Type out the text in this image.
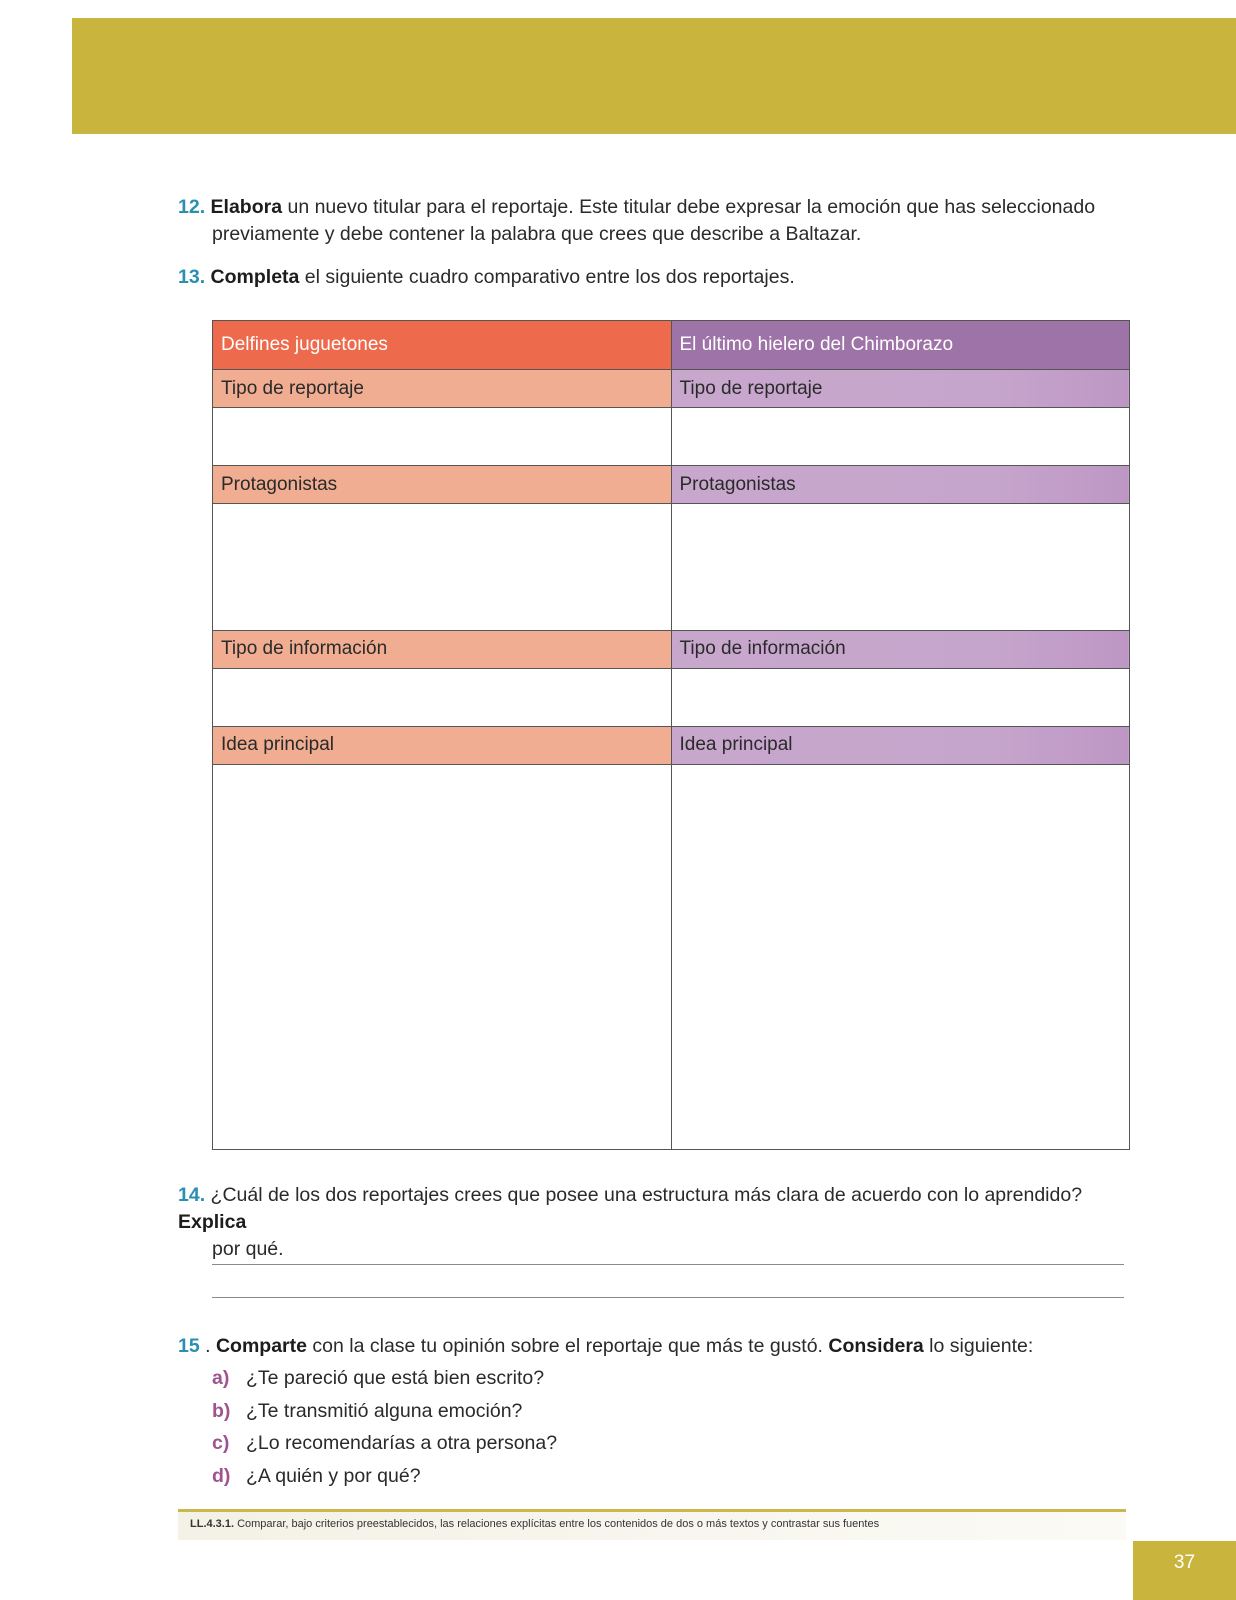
12. Elabora un nuevo titular para el reportaje. Este titular debe expresar la emoción que has seleccionado
previamente y debe contener la palabra que crees que describe a Baltazar.
13. Completa el siguiente cuadro comparativo entre los dos reportajes.
Delfines juguetones	El último hielero del Chimborazo
Tipo de reportaje	Tipo de reportaje

Protagonistas	Protagonistas

Tipo de información	Tipo de información

Idea principal	Idea principal

14. ¿Cuál de los dos reportajes crees que posee una estructura más clara de acuerdo con lo aprendido? Explica
por qué.
15 . Comparte con la clase tu opinión sobre el reportaje que más te gustó. Considera lo siguiente:
a) ¿Te pareció que está bien escrito?
b) ¿Te transmitió alguna emoción?
c) ¿Lo recomendarías a otra persona?
d) ¿A quién y por qué?
LL.4.3.1. Comparar, bajo criterios preestablecidos, las relaciones explícitas entre los contenidos de dos o más textos y contrastar sus fuentes
37
